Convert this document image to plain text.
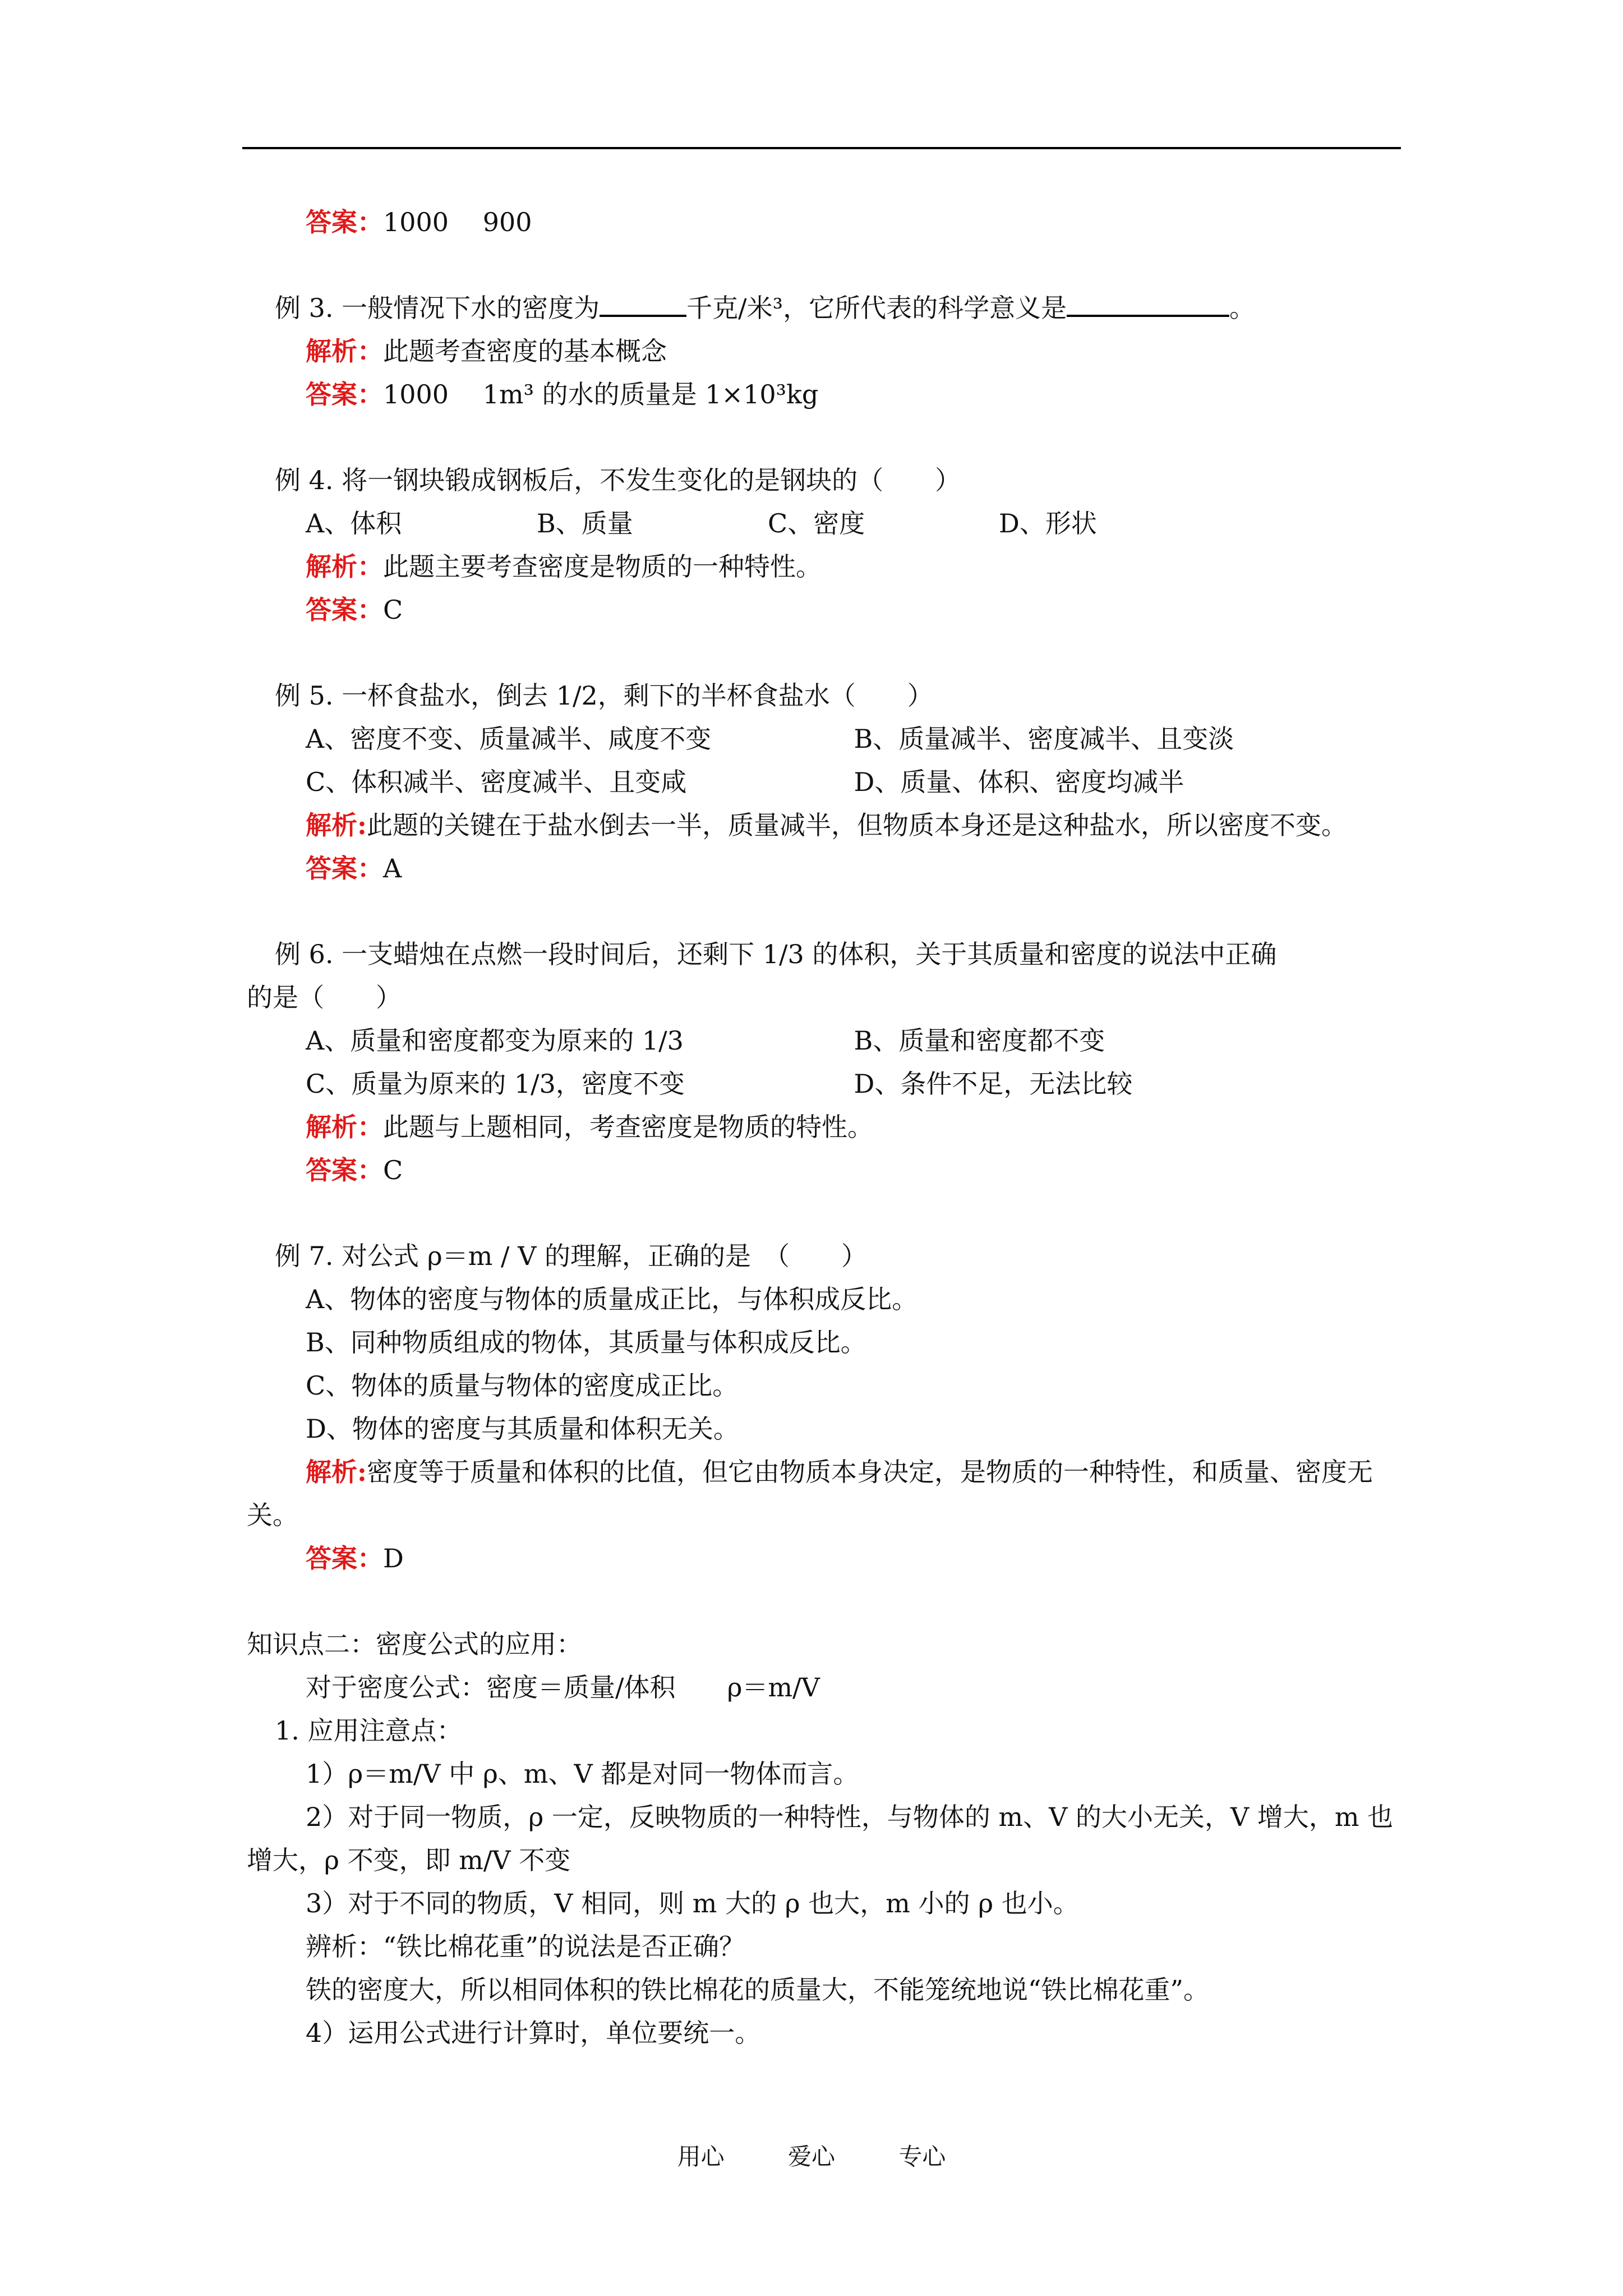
答案：1000　 900
例 3. 一般情况下水的密度为	千克/米³，它所代表的科学意义是	。
解析：此题考查密度的基本概念
答案：1000　 1m³ 的水的质量是 1×10³kg
例 4. 将一钢块锻成钢板后，不发生变化的是钢块的（　　）
A、体积	B、质量	C、密度	D、形状
解析：此题主要考查密度是物质的一种特性。
答案：C
例 5. 一杯食盐水，倒去 1/2，剩下的半杯食盐水（　　）
A、密度不变、质量减半、咸度不变	B、质量减半、密度减半、且变淡
C、体积减半、密度减半、且变咸	D、质量、体积、密度均减半
解析:此题的关键在于盐水倒去一半，质量减半，但物质本身还是这种盐水，所以密度不变。
答案：A
例 6. 一支蜡烛在点燃一段时间后，还剩下 1/3 的体积，关于其质量和密度的说法中正确
的是（　　）
A、质量和密度都变为原来的 1/3	B、质量和密度都不变
C、质量为原来的 1/3，密度不变	D、条件不足，无法比较
解析：此题与上题相同，考查密度是物质的特性。
答案：C
例 7. 对公式 ρ＝m / V 的理解，正确的是　（　　）
A、物体的密度与物体的质量成正比，与体积成反比。
B、同种物质组成的物体，其质量与体积成反比。
C、物体的质量与物体的密度成正比。
D、物体的密度与其质量和体积无关。
解析:密度等于质量和体积的比值，但它由物质本身决定，是物质的一种特性，和质量、密度无关。
答案：D
知识点二：密度公式的应用：
对于密度公式：密度＝质量/体积　　ρ＝m/V
1. 应用注意点：
1）ρ＝m/V 中 ρ、m、V 都是对同一物体而言。
2）对于同一物质，ρ 一定，反映物质的一种特性，与物体的 m、V 的大小无关，V 增大，m 也增大，ρ 不变，即 m/V 不变
3）对于不同的物质，V 相同，则 m 大的 ρ 也大，m 小的 ρ 也小。
辨析：“铁比棉花重”的说法是否正确？
铁的密度大，所以相同体积的铁比棉花的质量大，不能笼统地说“铁比棉花重”。
4）运用公式进行计算时，单位要统一。
用心	爱心	专心
